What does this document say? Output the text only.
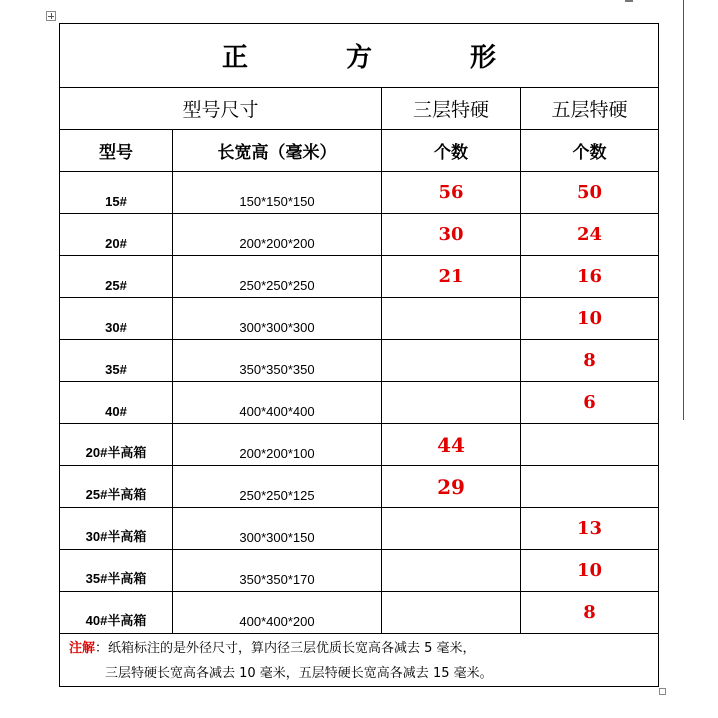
正 方 形			
型号尺寸		三层特硬	五层特硬
型号	长宽高（毫米）	个数	个数
15#	150*150*150	56	50
20#	200*200*200	30	24
25#	250*250*250	21	16
30#	300*300*300		10
35#	350*350*350		8
40#	400*400*400		6
20#半高箱	200*200*100	44	
25#半高箱	250*250*125	29	
30#半高箱	300*300*150		13
35#半高箱	350*350*170		10
40#半高箱	400*400*200		8

注解：纸箱标注的是外径尺寸，算内径三层优质长宽高各减去 5 毫米，
三层特硬长宽高各减去 10 毫米，五层特硬长宽高各减去 15 毫米。			
